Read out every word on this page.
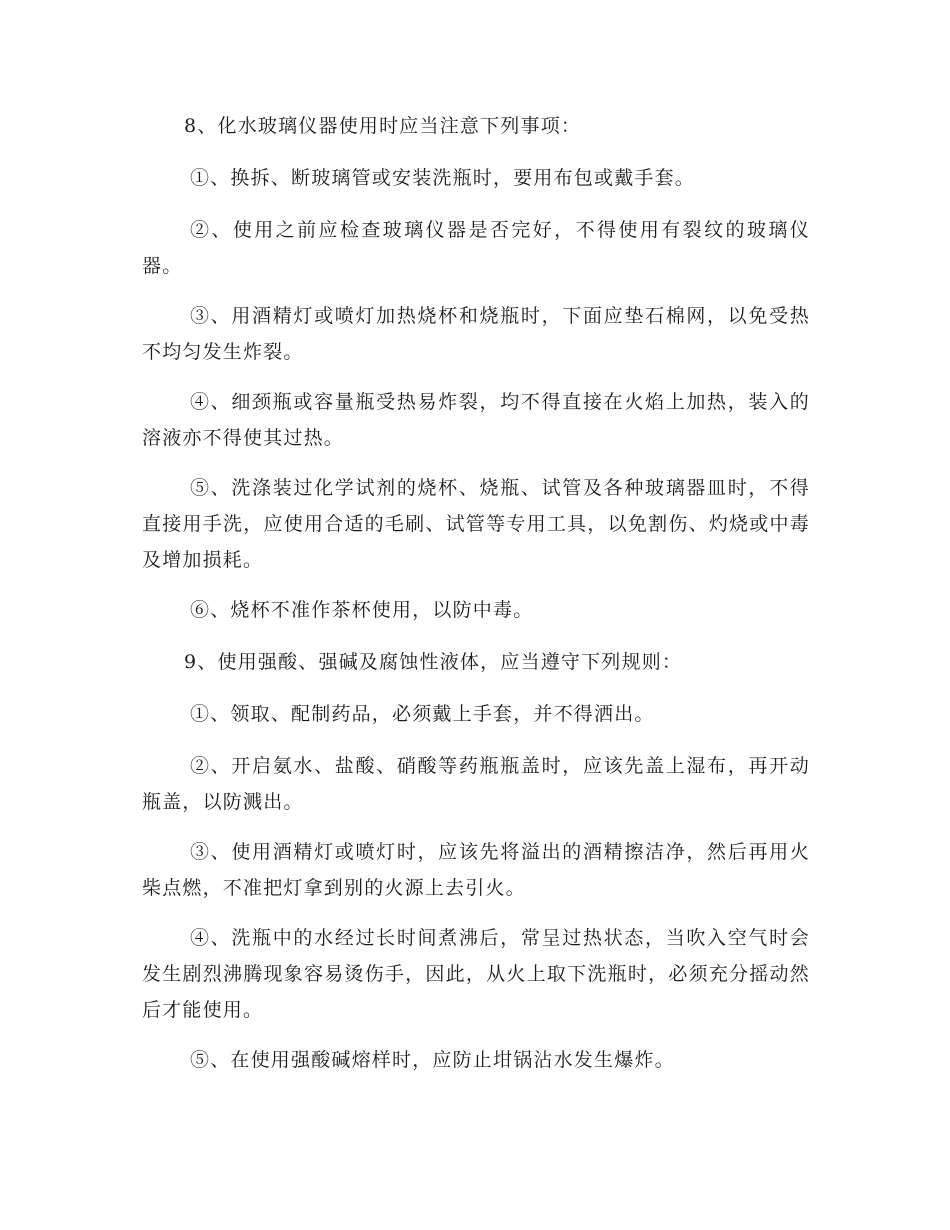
8、化水玻璃仪器使用时应当注意下列事项：

①、换拆、断玻璃管或安装洗瓶时，要用布包或戴手套。

②、使用之前应检查玻璃仪器是否完好，不得使用有裂纹的玻璃仪器。

③、用酒精灯或喷灯加热烧杯和烧瓶时，下面应垫石棉网，以免受热不均匀发生炸裂。

④、细颈瓶或容量瓶受热易炸裂，均不得直接在火焰上加热，装入的溶液亦不得使其过热。

⑤、洗涤装过化学试剂的烧杯、烧瓶、试管及各种玻璃器皿时，不得直接用手洗，应使用合适的毛刷、试管等专用工具，以免割伤、灼烧或中毒及增加损耗。

⑥、烧杯不准作茶杯使用，以防中毒。

9、使用强酸、强碱及腐蚀性液体，应当遵守下列规则：

①、领取、配制药品，必须戴上手套，并不得洒出。

②、开启氨水、盐酸、硝酸等药瓶瓶盖时，应该先盖上湿布，再开动瓶盖，以防溅出。

③、使用酒精灯或喷灯时，应该先将溢出的酒精擦洁净，然后再用火柴点燃，不准把灯拿到别的火源上去引火。

④、洗瓶中的水经过长时间煮沸后，常呈过热状态，当吹入空气时会发生剧烈沸腾现象容易烫伤手，因此，从火上取下洗瓶时，必须充分摇动然后才能使用。

⑤、在使用强酸碱熔样时，应防止坩锅沾水发生爆炸。
